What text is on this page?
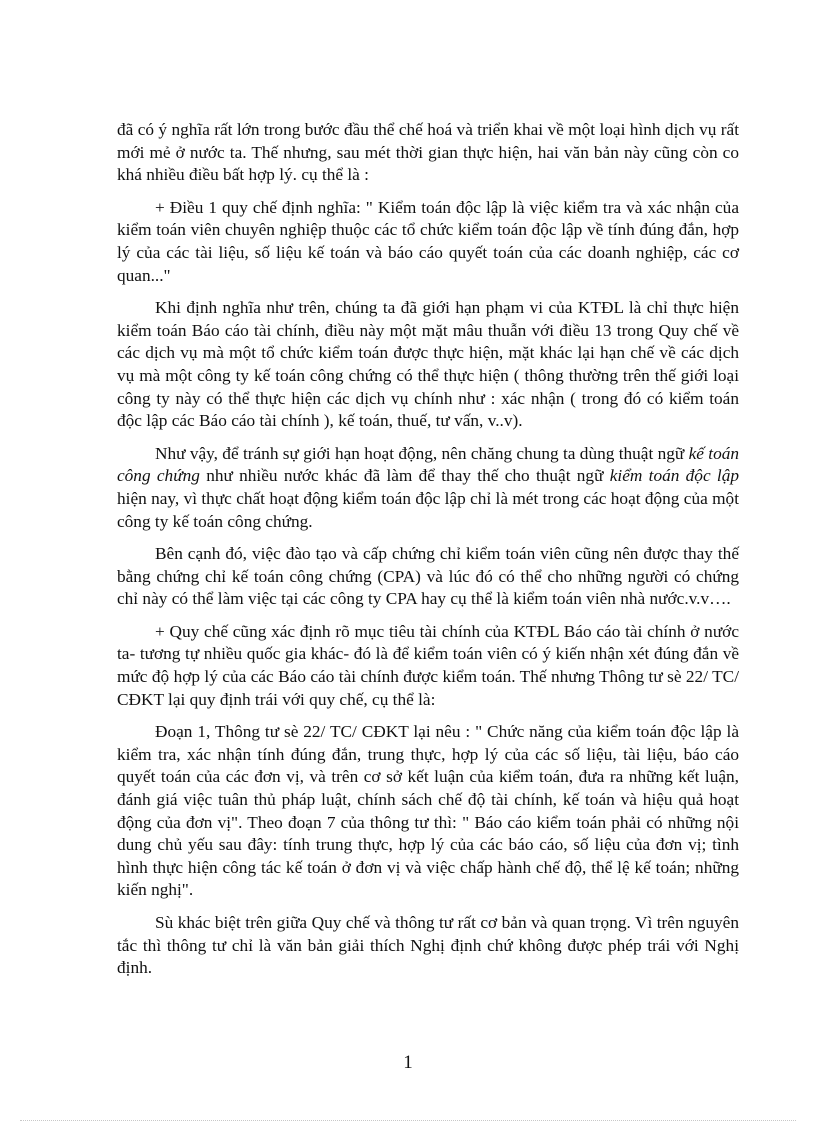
đã có ý nghĩa rất lớn trong bước đầu thể chế hoá và triển khai về một loại hình dịch vụ rất mới mẻ ở nước ta. Thế nhưng, sau mét thời gian thực hiện, hai văn bản này cũng còn co khá nhiều điều bất hợp lý. cụ thể là :

+ Điều 1 quy chế định nghĩa: " Kiểm toán độc lập là việc kiểm tra và xác nhận của kiểm toán viên chuyên nghiệp thuộc các tổ chức kiểm toán độc lập về tính đúng đắn, hợp lý của các tài liệu, số liệu kế toán và báo cáo quyết toán của các doanh nghiệp, các cơ quan..."

Khi định nghĩa như trên, chúng ta đã giới hạn phạm vi của KTĐL là chỉ thực hiện kiểm toán Báo cáo tài chính, điều này một mặt mâu thuẫn với điều 13 trong Quy chế về các dịch vụ mà một tổ chức kiểm toán được thực hiện, mặt khác lại hạn chế về các dịch vụ mà một công ty kế toán công chứng có thể thực hiện ( thông thường trên thế giới loại công ty này có thể thực hiện các dịch vụ chính như : xác nhận ( trong đó có kiểm toán độc lập các Báo cáo tài chính ), kế toán, thuế, tư vấn, v..v).

Như vậy, để tránh sự giới hạn hoạt động, nên chăng chung ta dùng thuật ngữ kế toán công chứng như nhiều nước khác đã làm để thay thế cho thuật ngữ kiểm toán độc lập hiện nay, vì thực chất hoạt động kiểm toán độc lập chỉ là mét trong các hoạt động của một công ty kế toán công chứng.

Bên cạnh đó, việc đào tạo và cấp chứng chỉ kiểm toán viên cũng nên được thay thế bằng chứng chỉ kế toán công chứng (CPA) và lúc đó có thể cho những người có chứng chỉ này có thể làm việc tại các công ty CPA hay cụ thể là kiểm toán viên nhà nước.v.v….

+ Quy chế cũng xác định rõ mục tiêu tài chính của KTĐL Báo cáo tài chính ở nước ta- tương tự nhiều quốc gia khác- đó là để kiểm toán viên có ý kiến nhận xét đúng đắn về mức độ hợp lý của các Báo cáo tài chính được kiểm toán. Thế nhưng Thông tư sè 22/ TC/ CĐKT lại quy định trái với quy chế, cụ thể là:

Đoạn 1, Thông tư sè 22/ TC/ CĐKT lại nêu : " Chức năng của kiểm toán độc lập là kiểm tra, xác nhận tính đúng đắn, trung thực, hợp lý của các số liệu, tài liệu, báo cáo quyết toán của các đơn vị, và trên cơ sở kết luận của kiểm toán, đưa ra những kết luận, đánh giá việc tuân thủ pháp luật, chính sách chế độ tài chính, kế toán và hiệu quả hoạt động của đơn vị". Theo đoạn 7 của thông tư thì: " Báo cáo kiểm toán phải có những nội dung chủ yếu sau đây: tính trung thực, hợp lý của các báo cáo, số liệu của đơn vị; tình hình thực hiện công tác kế toán ở đơn vị và việc chấp hành chế độ, thể lệ kế toán; những kiến nghị".

Sù khác biệt trên giữa Quy chế và thông tư rất cơ bản và quan trọng. Vì trên nguyên tắc thì thông tư chỉ là văn bản giải thích Nghị định chứ không được phép trái với Nghị định.

1
